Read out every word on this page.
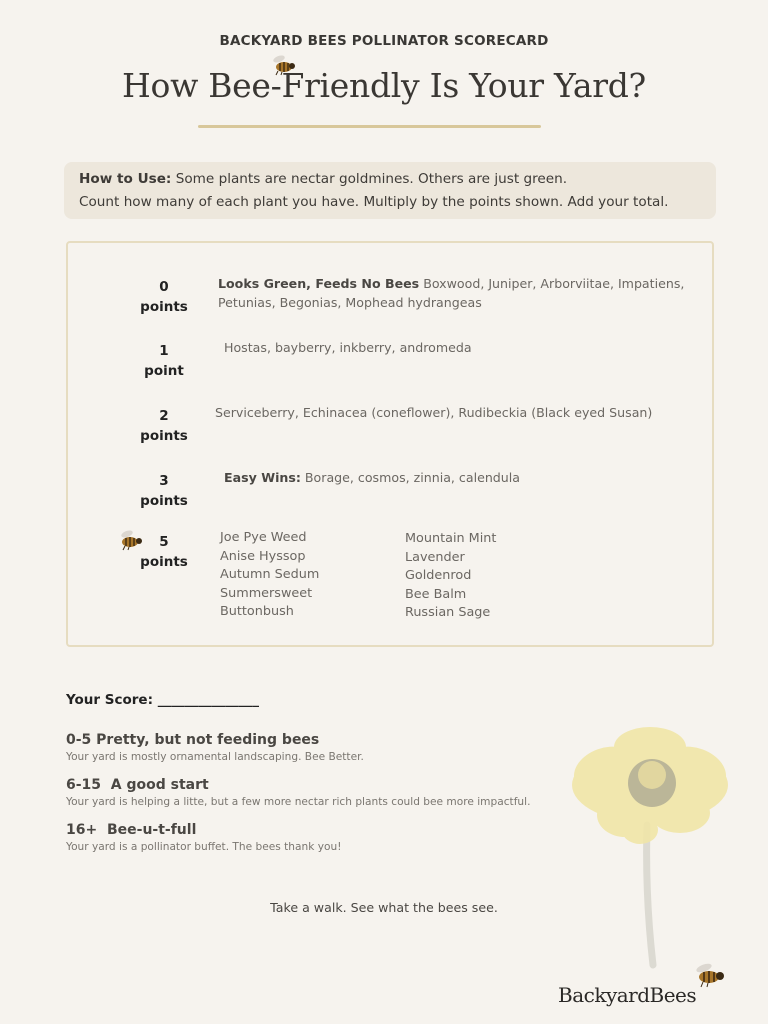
BACKYARD BEES POLLINATOR SCORECARD
How Bee-Friendly Is Your Yard?
How to Use: Some plants are nectar goldmines. Others are just green.
Count how many of each plant you have. Multiply by the points shown. Add your total.
0
points
Looks Green, Feeds No Bees Boxwood, Juniper, Arborviitae, Impatiens, Petunias, Begonias, Mophead hydrangeas
1
point
Hostas, bayberry, inkberry, andromeda
2
points
Serviceberry, Echinacea (coneflower), Rudibeckia (Black eyed Susan)
3
points
Easy Wins: Borage, cosmos, zinnia, calendula
5
points
Joe Pye Weed
Anise Hyssop
Autumn Sedum
Summersweet
Buttonbush
Mountain Mint
Lavender
Goldenrod
Bee Balm
Russian Sage
Your Score: _______________
0-5 Pretty, but not feeding bees
Your yard is mostly ornamental landscaping. Bee Better.
6-15 A good start
Your yard is helping a litte, but a few more nectar rich plants could bee more impactful.
16+ Bee-u-t-full
Your yard is a pollinator buffet. The bees thank you!
Take a walk. See what the bees see.
BackyardBees
